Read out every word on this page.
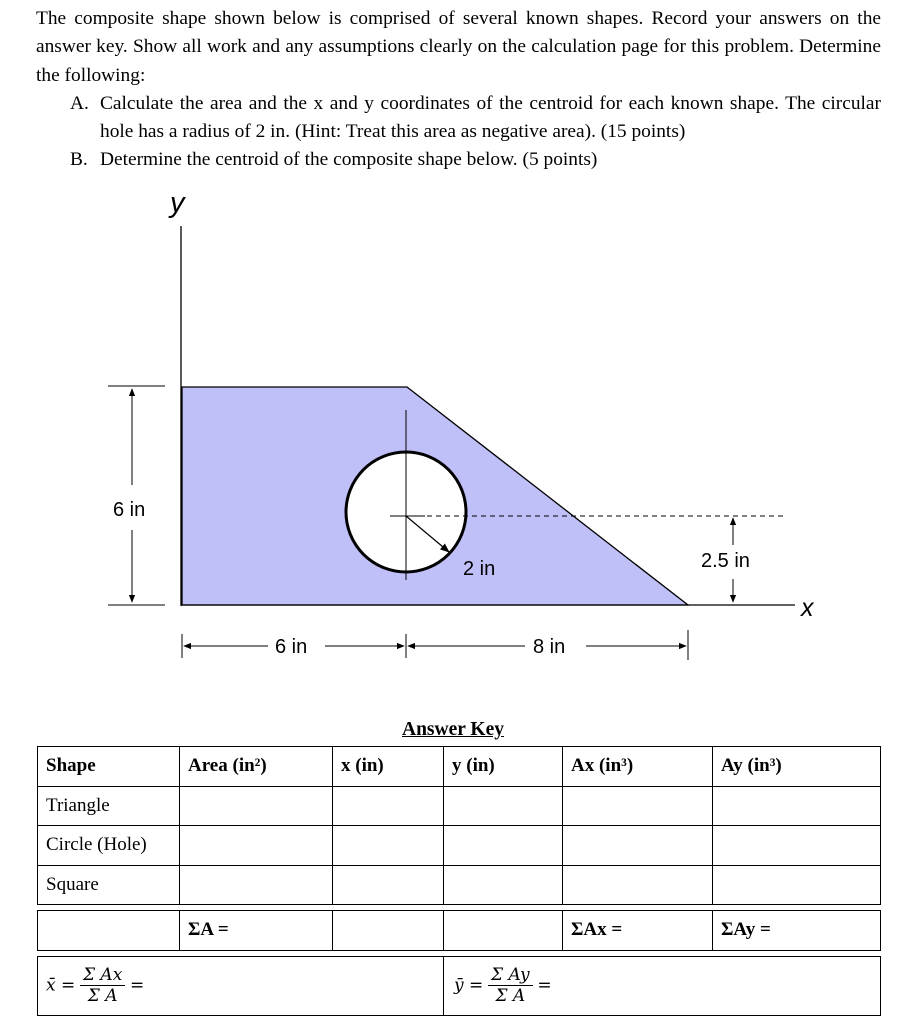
The composite shape shown below is comprised of several known shapes. Record your answers on the answer key. Show all work and any assumptions clearly on the calculation page for this problem. Determine the following:

A. Calculate the area and the x and y coordinates of the centroid for each known shape. The circular hole has a radius of 2 in. (Hint: Treat this area as negative area). (15 points)

B. Determine the centroid of the composite shape below. (5 points)

y
x
6 in
2 in	2.5 in
6 in	8 in
Answer Key
Shape	Area (in²)	x (in)	y (in)	Ax (in³)	Ay (in³)
Triangle					
Circle (Hole)					
Square					

	ΣA =			ΣAx =	ΣAy =

x̄ = $\frac{\text{Σ Ax}}{\text{Σ A}}$ =			ȳ = $\frac{\text{Σ Ay}}{\text{Σ A}}$ =		
